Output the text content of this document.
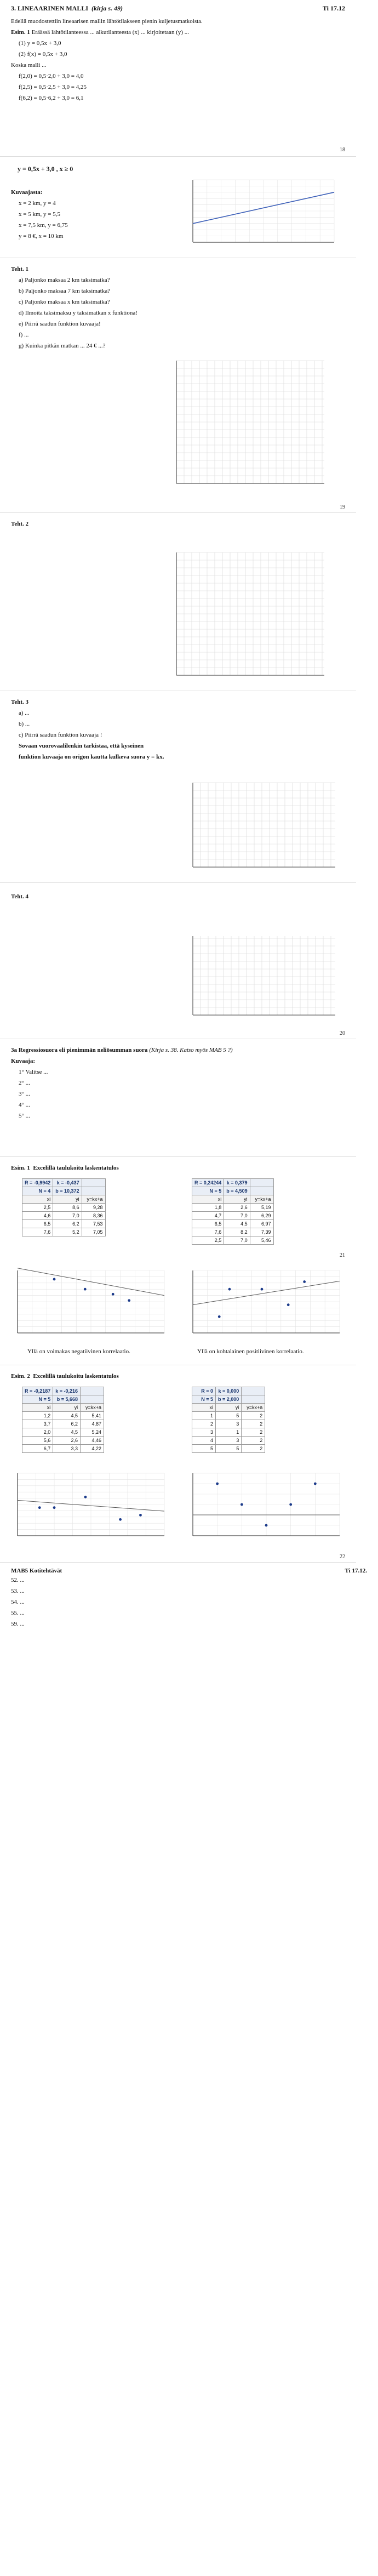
3. LINEAARINEN MALLI (kirja s. 49)	Ti 17.12

Edellä muodostettiin lineaarisen mallin lähtötilakseen pienin kuljetusmatkoista.

Esim. 1 Eräässä lähtötilanteessa ... alkutilanteesta (x) ... kirjoitetaan (y) ...

(1) y = 0,5x + 3,0

(2) f(x) = 0,5x + 3,0

Koska malli ...

f(2,0) = 0,5·2,0 + 3,0 = 4,0

f(2,5) = 0,5·2,5 + 3,0 = 4,25

f(6,2) = 0,5·6,2 + 3,0 = 6,1

18

y = 0,5x + 3,0 , x ≥ 0

Kuvaajasta:

x = 2 km, y = 4

x = 5 km, y = 5,5

x = 7,5 km, y = 6,75

y = 8 €, x = 10 km

Teht. 1

a) Paljonko maksaa 2 km taksimatka?

b) Paljonko maksaa 7 km taksimatka?

c) Paljonko maksaa x km taksimatka?

d) Ilmoita taksimaksu y taksimatkan x funktiona!

e) Piirrä saadun funktion kuvaaja!

f) ...

g) Kuinka pitkän matkan ... 24 € ...?

19

Teht. 2

Teht. 3

a) ...

b) ...

c) Piirrä saadun funktion kuvaaja !

Sovaan vuorovaalilenkin tarkistaa, että kyseinen

funktion kuvaaja on origon kautta kulkeva suora y = kx.

Teht. 4

20

3a Regressiosuora eli pienimmän neliösumman suora (Kirja s. 38. Katso myös MAB 5 ?)

Kuvaaja:

1° Valitse ...

2° ...

3° ...

4° ...

5° ...

Esim. 1 Excelillä taulukoitu laskentatulos

R = -0,9942	k = -0,437	
N = 4	b = 10,372	
xi	yi	y=kx+a
2,5	8,6	9,28
4,6	7,0	8,36
6,5	6,2	7,53
7,6	5,2	7,05
R = 0,24244	k = 0,379	
N = 5	b = 4,509	
xi	yi	y=kx+a
1,8	2,6	5,19
4,7	7,0	6,29
6,5	4,5	6,97
7,6	8,2	7,39
2,5	7,0	5,46
21
Yllä on voimakas negatiivinen korrelaatio.	Yllä on kohtalainen positiivinen korrelaatio.

Esim. 2 Excelillä taulukoitu laskentatulos

R = -0,2187	k = -0,216	
N = 5	b = 5,668	
xi	yi	y=kx+a
1,2	4,5	5,41
3,7	6,2	4,87
2,0	4,5	5,24
5,6	2,6	4,46
6,7	3,3	4,22
R = 0	k = 0,000	
N = 5	b = 2,000	
xi	yi	y=kx+a
1	5	2
2	3	2
3	1	2
4	3	2
5	5	2
22
MAB5 Kotitehtävät	Ti 17.12.

52. ...

53. ...

54. ...

55. ...

59. ...
